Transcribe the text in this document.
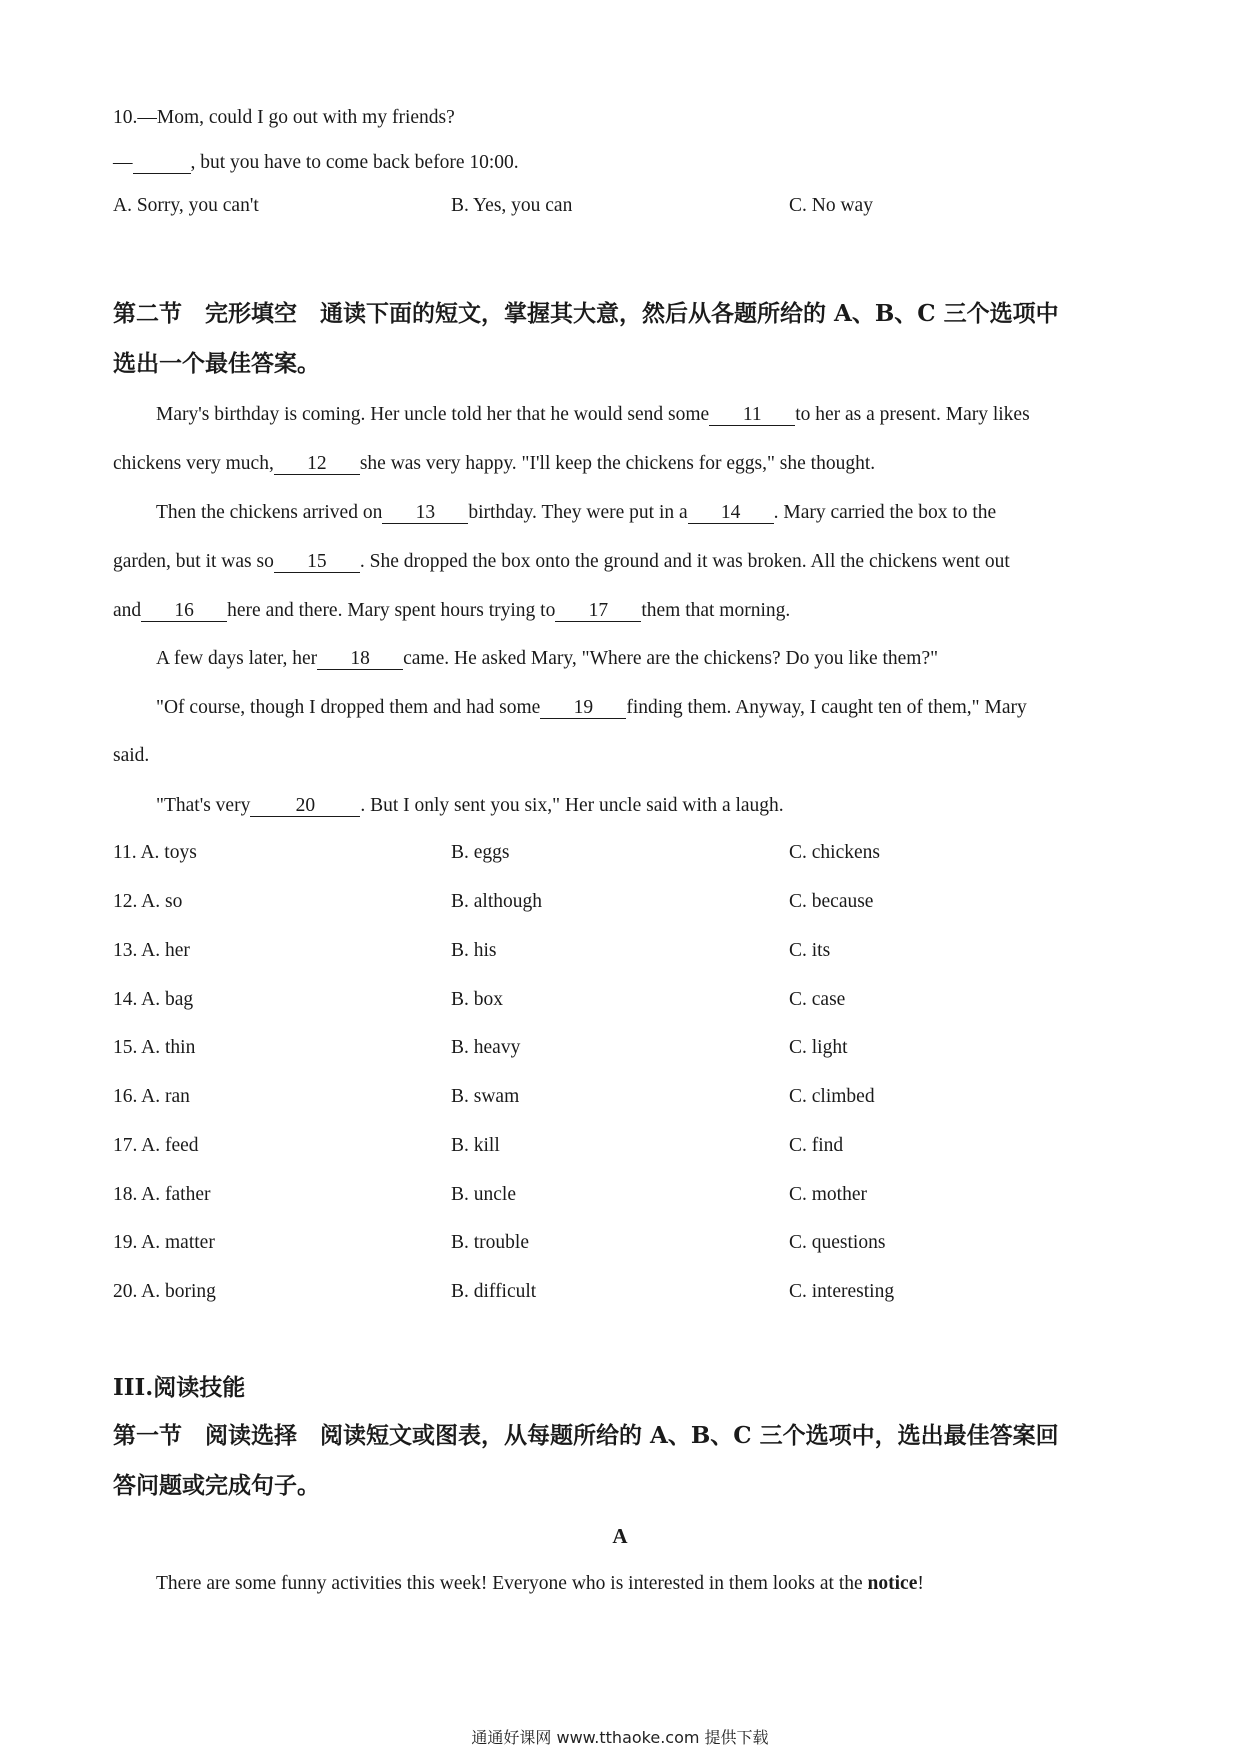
10.—Mom, could I go out with my friends?
—	, but you have to come back before 10:00.
A. Sorry, you can't	B. Yes, you can	C. No way
第二节　完形填空　通读下面的短文，掌握其大意，然后从各题所给的 A、B、C 三个选项中
选出一个最佳答案。
Mary's birthday is coming. Her uncle told her that he would send some 11 to her as a present. Mary likes
chickens very much, 12 she was very happy. "I'll keep the chickens for eggs," she thought.
Then the chickens arrived on 13 birthday. They were put in a 14 . Mary carried the box to the
garden, but it was so 15 . She dropped the box onto the ground and it was broken. All the chickens went out
and 16 here and there. Mary spent hours trying to 17 them that morning.
A few days later, her 18 came. He asked Mary, "Where are the chickens? Do you like them?"
"Of course, though I dropped them and had some 19 finding them. Anyway, I caught ten of them," Mary
said.
"That's very 20 . But I only sent you six," Her uncle said with a laugh.
11. A. toys	B. eggs	C. chickens
12. A. so	B. although	C. because
13. A. her	B. his	C. its
14. A. bag	B. box	C. case
15. A. thin	B. heavy	C. light
16. A. ran	B. swam	C. climbed
17. A. feed	B. kill	C. find
18. A. father	B. uncle	C. mother
19. A. matter	B. trouble	C. questions
20. A. boring	B. difficult	C. interesting
III.阅读技能
第一节　阅读选择　阅读短文或图表，从每题所给的 A、B、C 三个选项中，选出最佳答案回
答问题或完成句子。
A
There are some funny activities this week! Everyone who is interested in them looks at the notice!
通通好课网 www.tthaoke.com 提供下载
